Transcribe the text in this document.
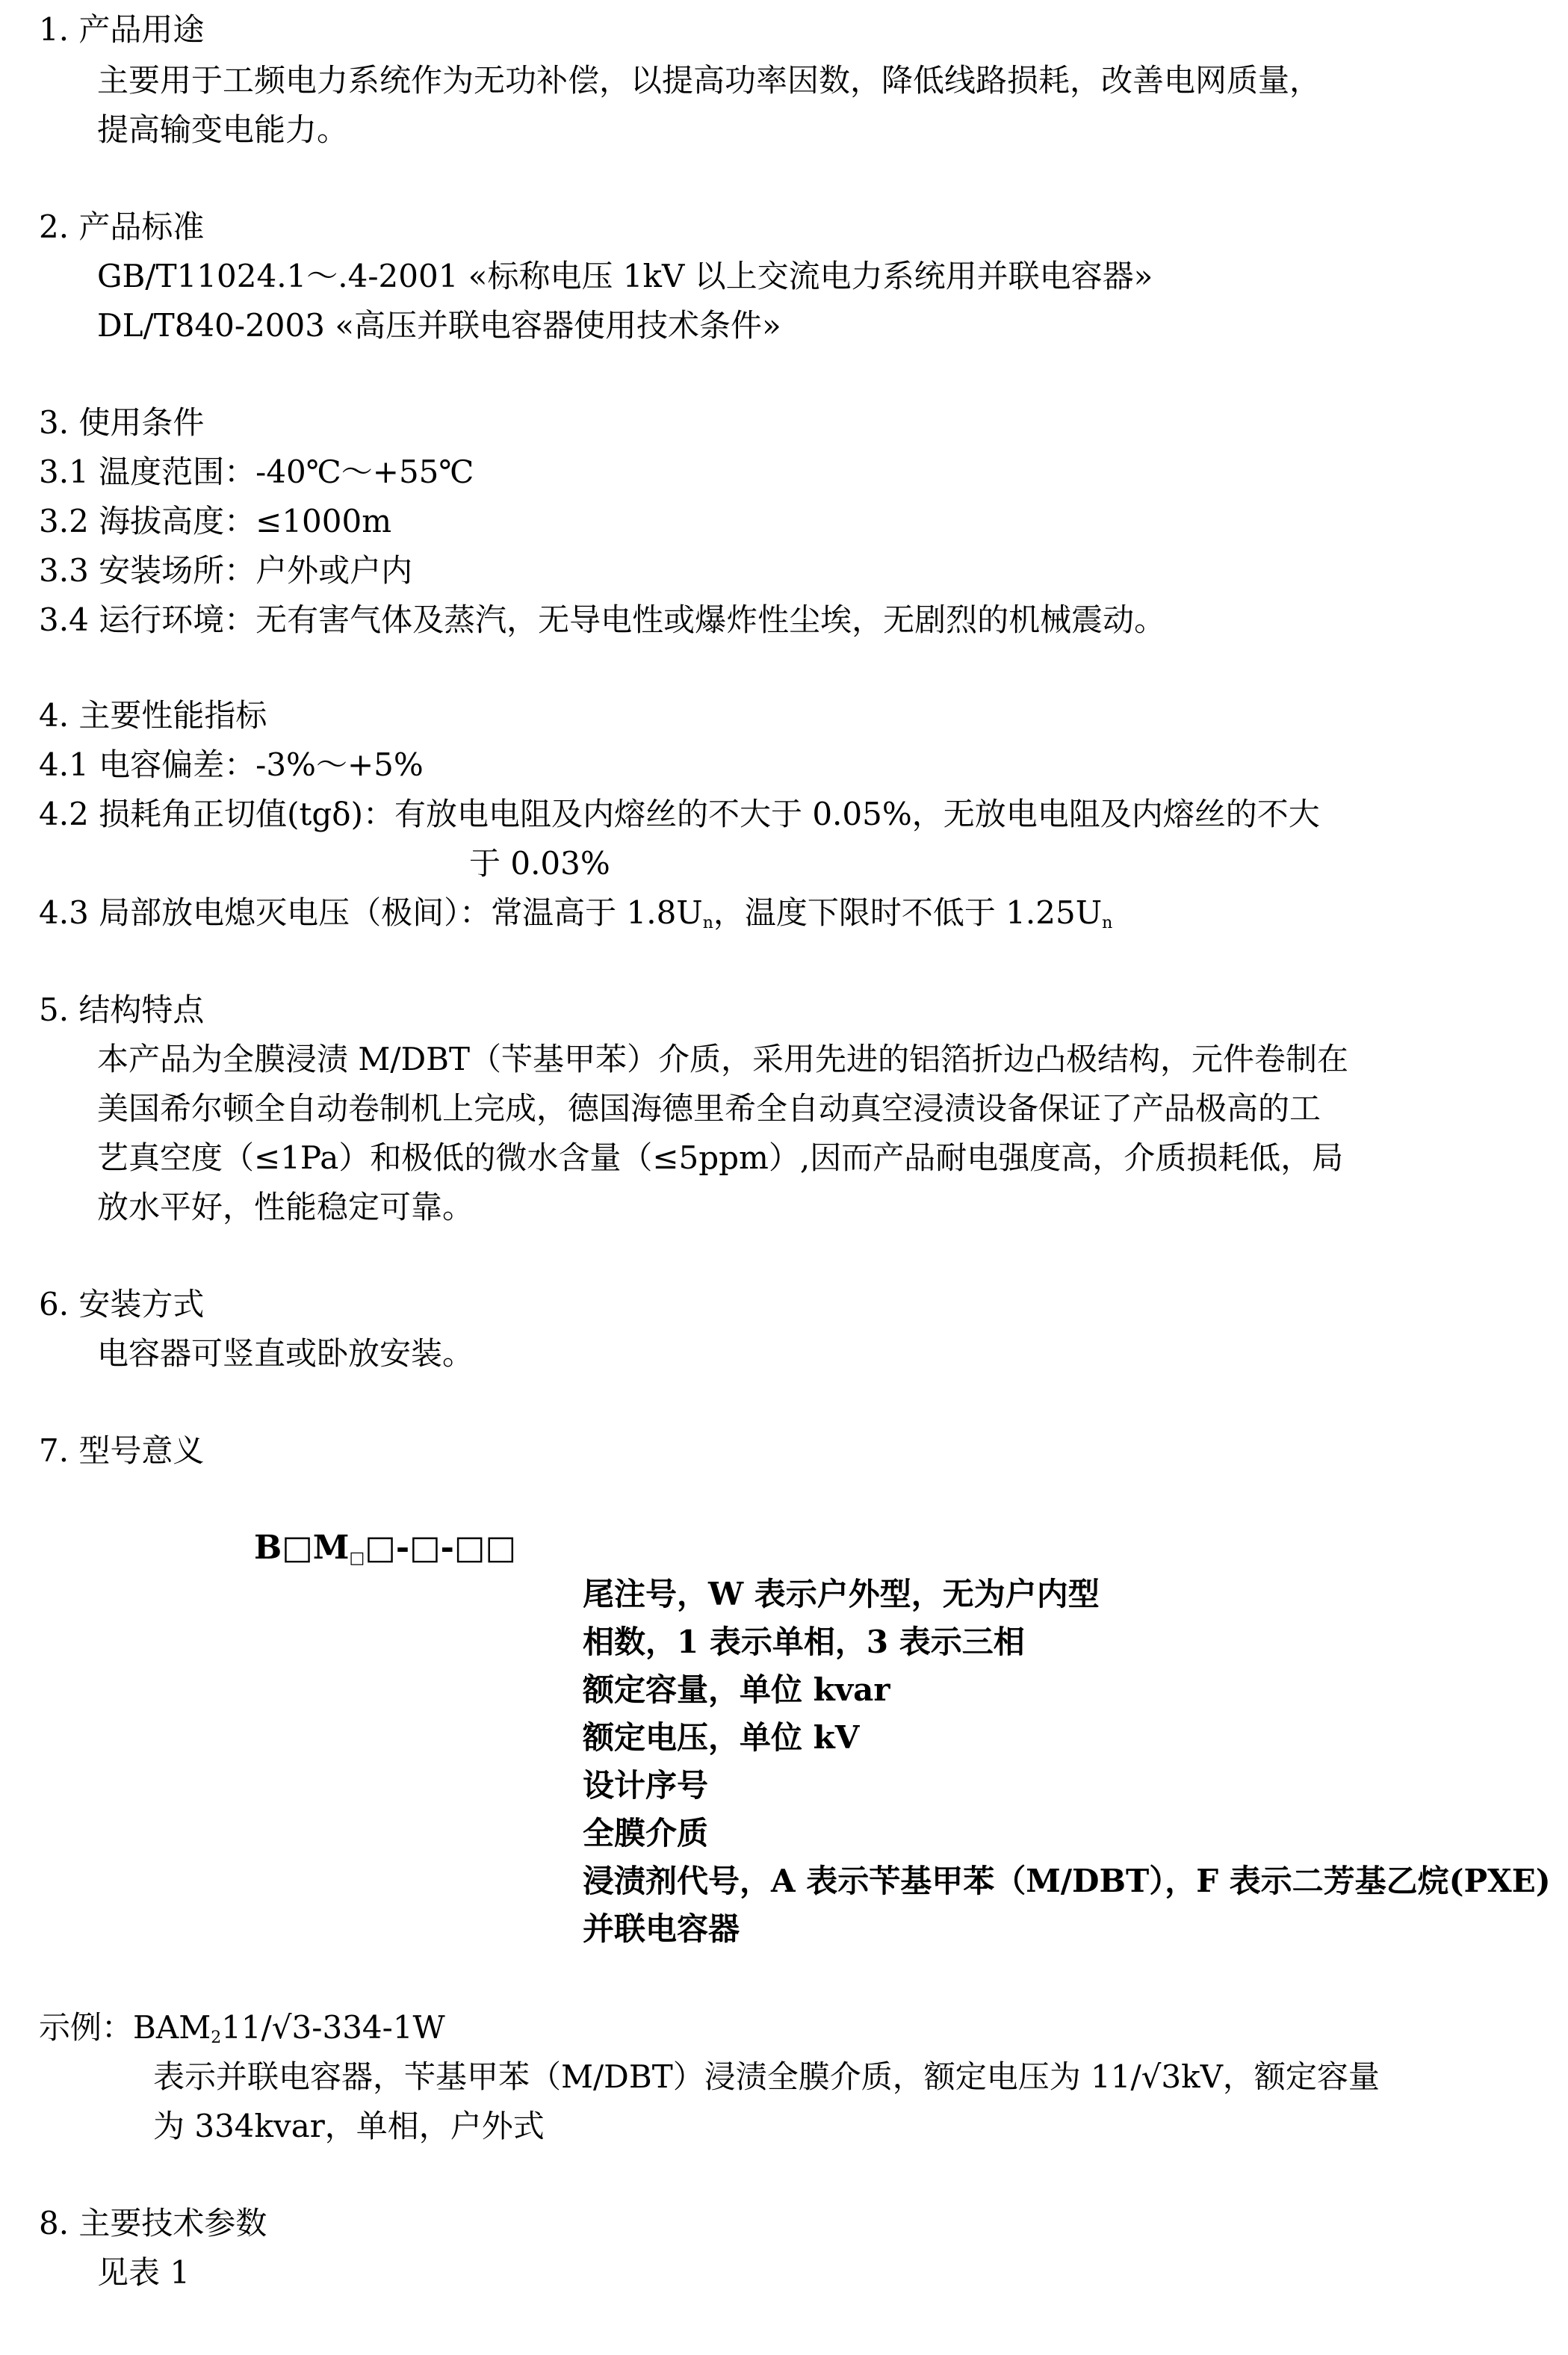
1. 产品用途
主要用于工频电力系统作为无功补偿，以提高功率因数，降低线路损耗，改善电网质量，
提高输变电能力。
2. 产品标准
GB/T11024.1～.4-2001 «标称电压 1kV 以上交流电力系统用并联电容器»
DL/T840-2003 «高压并联电容器使用技术条件»
3. 使用条件
3.1 温度范围：-40℃～+55℃
3.2 海拔高度：≤1000m
3.3 安装场所：户外或户内
3.4 运行环境：无有害气体及蒸汽，无导电性或爆炸性尘埃，无剧烈的机械震动。
4. 主要性能指标
4.1 电容偏差：-3%～+5%
4.2 损耗角正切值(tgδ)：有放电电阻及内熔丝的不大于 0.05%，无放电电阻及内熔丝的不大
于 0.03%
4.3 局部放电熄灭电压（极间）：常温高于 $1.8U_n$，温度下限时不低于 $1.25U_n$
5. 结构特点
本产品为全膜浸渍 M/DBT（苄基甲苯）介质，采用先进的铝箔折边凸极结构，元件卷制在
美国希尔顿全自动卷制机上完成，德国海德里希全自动真空浸渍设备保证了产品极高的工
艺真空度（≤1Pa）和极低的微水含量（≤5ppm）,因而产品耐电强度高，介质损耗低，局
放水平好，性能稳定可靠。
6. 安装方式
电容器可竖直或卧放安装。
7. 型号意义
$B□M_□□-□-□□$
尾注号，W 表示户外型，无为户内型
相数，1 表示单相，3 表示三相
额定容量，单位 kvar
额定电压，单位 kV
设计序号
全膜介质
浸渍剂代号，A 表示苄基甲苯（M/DBT），F 表示二芳基乙烷(PXE)
并联电容器
示例：$BAM_211/√3-334-1W$
表示并联电容器，苄基甲苯（M/DBT）浸渍全膜介质，额定电压为 11/√3kV，额定容量
为 334kvar，单相，户外式
8. 主要技术参数
见表 1
